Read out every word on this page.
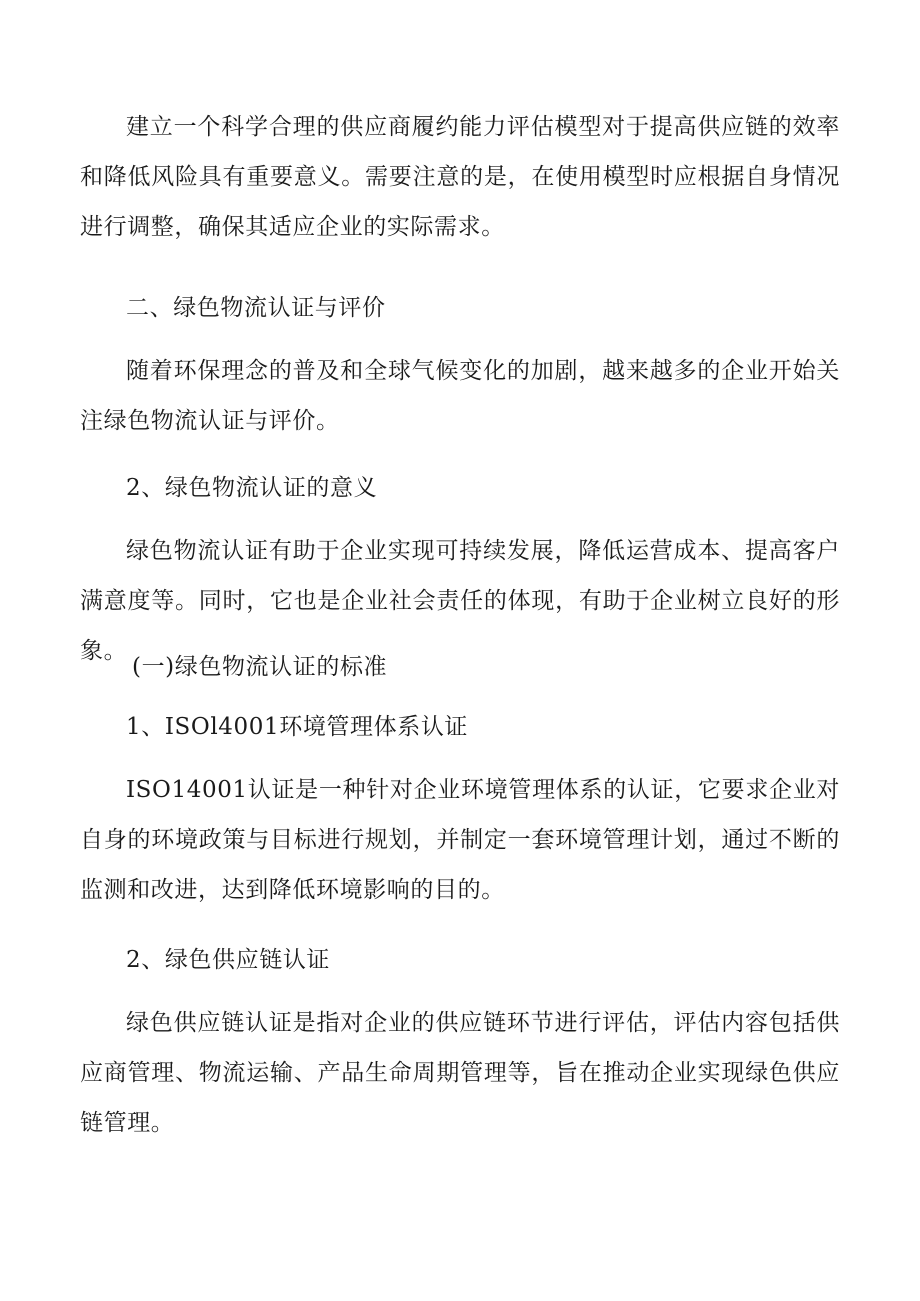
建立一个科学合理的供应商履约能力评估模型对于提高供应链的效率和降低风险具有重要意义。需要注意的是，在使用模型时应根据自身情况进行调整，确保其适应企业的实际需求。

二、绿色物流认证与评价

随着环保理念的普及和全球气候变化的加剧，越来越多的企业开始关注绿色物流认证与评价。

2、绿色物流认证的意义

绿色物流认证有助于企业实现可持续发展，降低运营成本、提高客户满意度等。同时，它也是企业社会责任的体现，有助于企业树立良好的形象。

(一)绿色物流认证的标准

1、ISOl4001环境管理体系认证

ISO14001认证是一种针对企业环境管理体系的认证，它要求企业对自身的环境政策与目标进行规划，并制定一套环境管理计划，通过不断的监测和改进，达到降低环境影响的目的。

2、绿色供应链认证

绿色供应链认证是指对企业的供应链环节进行评估，评估内容包括供应商管理、物流运输、产品生命周期管理等，旨在推动企业实现绿色供应链管理。
